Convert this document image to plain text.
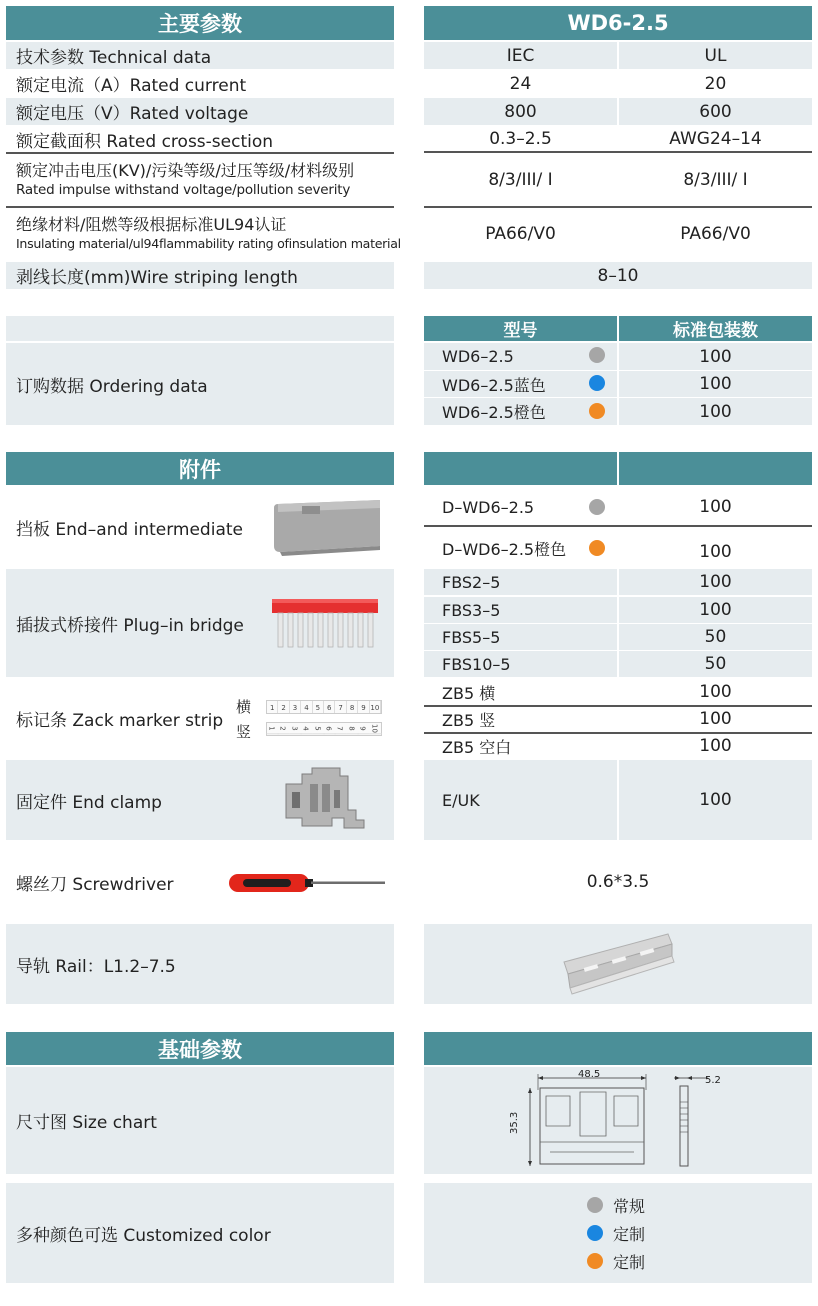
主要参数	WD6-2.5
技术参数 Technical data	IEC	UL
额定电流（A）Rated current	24	20
额定电压（V）Rated voltage	800	600
额定截面积 Rated cross-section	0.3–2.5	AWG24–14
额定冲击电压(KV)/污染等级/过压等级/材料级别
Rated impulse withstand voltage/pollution severity	8/3/III/ I	8/3/III/ I
绝缘材料/阻燃等级根据标准UL94认证
Insulating material/ul94flammability rating ofinsulation material	PA66/V0	PA66/V0
剥线长度(mm)Wire striping length	8–10
订购数据 Ordering data
型号	标准包装数
WD6–2.5	100
WD6–2.5蓝色	100
WD6–2.5橙色	100
附件
挡板 End–and intermediate
D–WD6–2.5	100
D–WD6–2.5橙色	100
插拔式桥接件 Plug–in bridge
FBS2–5	100
FBS3–5	100
FBS5–5	50
FBS10–5	50
标记条 Zack marker strip
横
竖
1 2 3 4 5 6 7 8 9 10
1 2 3 4 5 6 7 8 9 10
ZB5 横	100
ZB5 竖	100
ZB5 空白	100
固定件 End clamp	E/UK	100
螺丝刀 Screwdriver	0.6*3.5
导轨 Rail：L1.2–7.5
基础参数
尺寸图 Size chart
48.5
35.3
5.2
多种颜色可选 Customized color
常规
定制
定制
